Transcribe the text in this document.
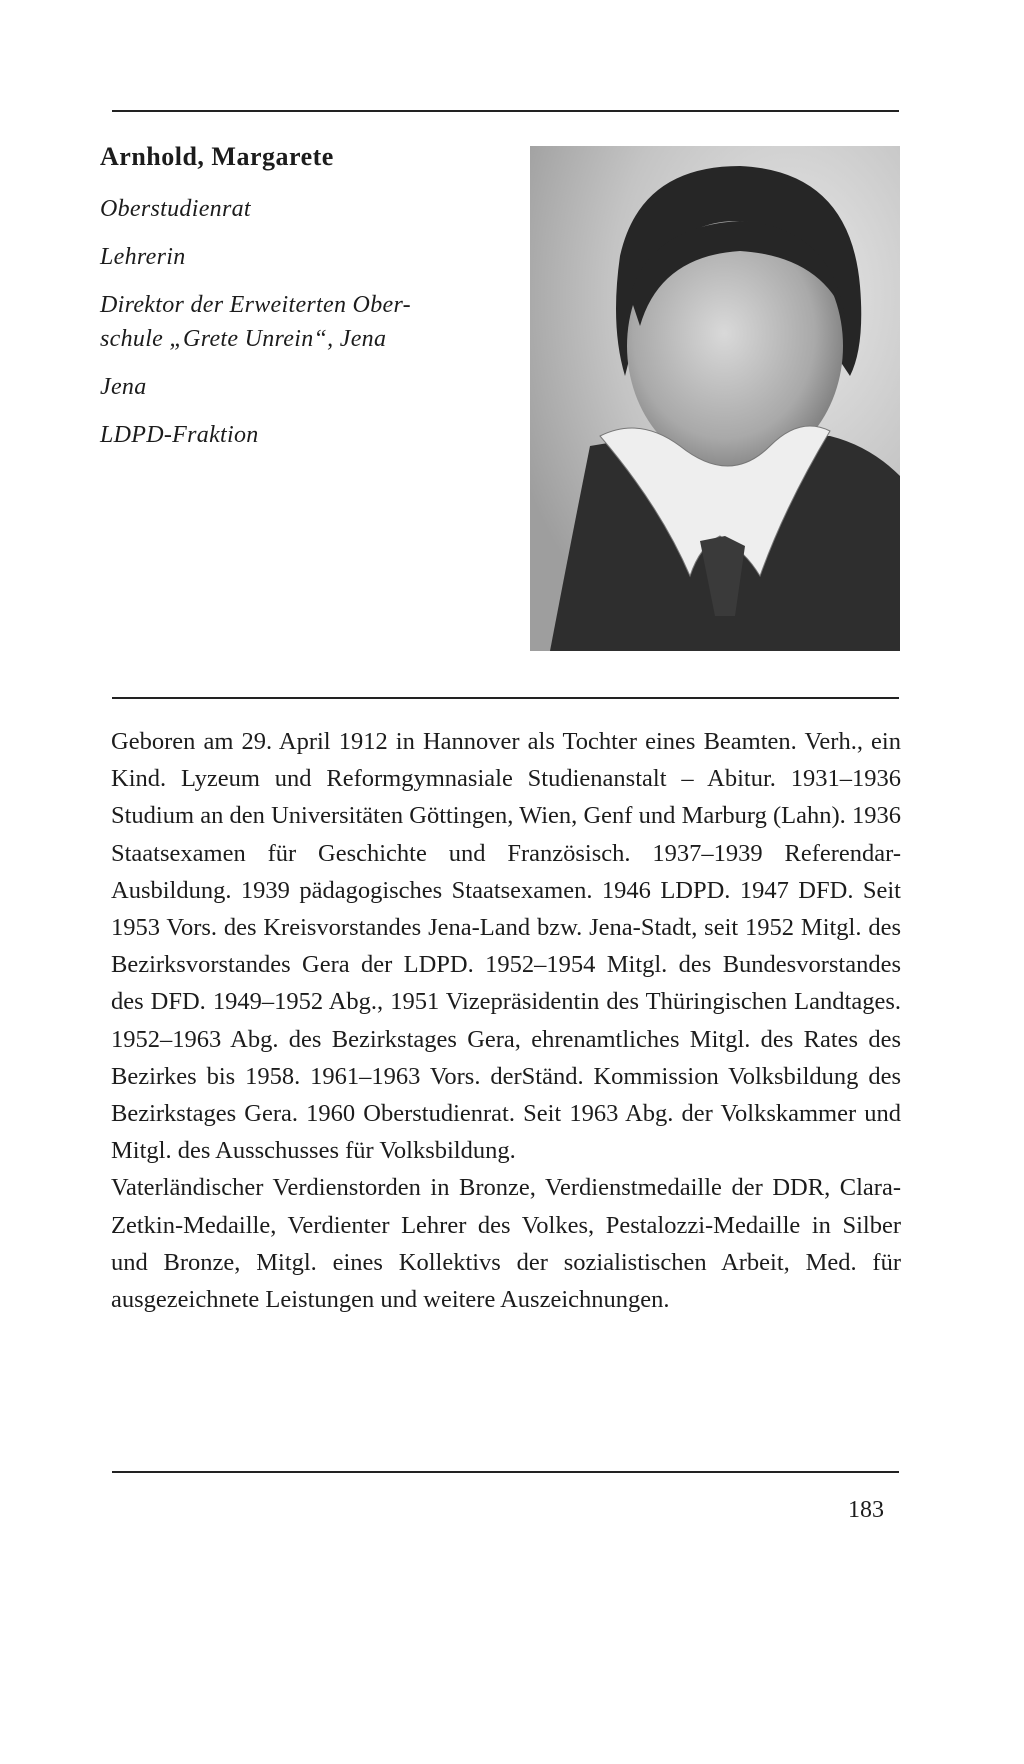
Arnhold, Margarete
Oberstudienrat
Lehrerin
Direktor der Erweiterten Ober-
schule „Grete Unrein“, Jena
Jena
LDPD-Fraktion

Geboren am 29. April 1912 in Hannover als Tochter eines Beamten. Verh., ein Kind. Lyzeum und Reformgymnasiale Studienanstalt – Abitur. 1931–1936 Studium an den Universitäten Göttingen, Wien, Genf und Marburg (Lahn). 1936 Staatsexamen für Geschichte und Französisch. 1937–1939 Referendar-Ausbildung. 1939 pädagogisches Staatsexamen. 1946 LDPD. 1947 DFD. Seit 1953 Vors. des Kreisvorstandes Jena-Land bzw. Jena-Stadt, seit 1952 Mitgl. des Bezirksvorstandes Gera der LDPD. 1952–1954 Mitgl. des Bundesvorstandes des DFD. 1949–1952 Abg., 1951 Vizepräsidentin des Thüringischen Landtages. 1952–1963 Abg. des Bezirkstages Gera, ehrenamtliches Mitgl. des Rates des Bezirkes bis 1958. 1961–1963 Vors. derStänd. Kommission Volksbildung des Bezirkstages Gera. 1960 Oberstudienrat. Seit 1963 Abg. der Volkskammer und Mitgl. des Ausschusses für Volksbildung.

Vaterländischer Verdienstorden in Bronze, Verdienstmedaille der DDR, Clara-Zetkin-Medaille, Verdienter Lehrer des Volkes, Pestalozzi-Medaille in Silber und Bronze, Mitgl. eines Kollektivs der sozialistischen Arbeit, Med. für ausgezeichnete Leistungen und weitere Auszeichnungen.

183
